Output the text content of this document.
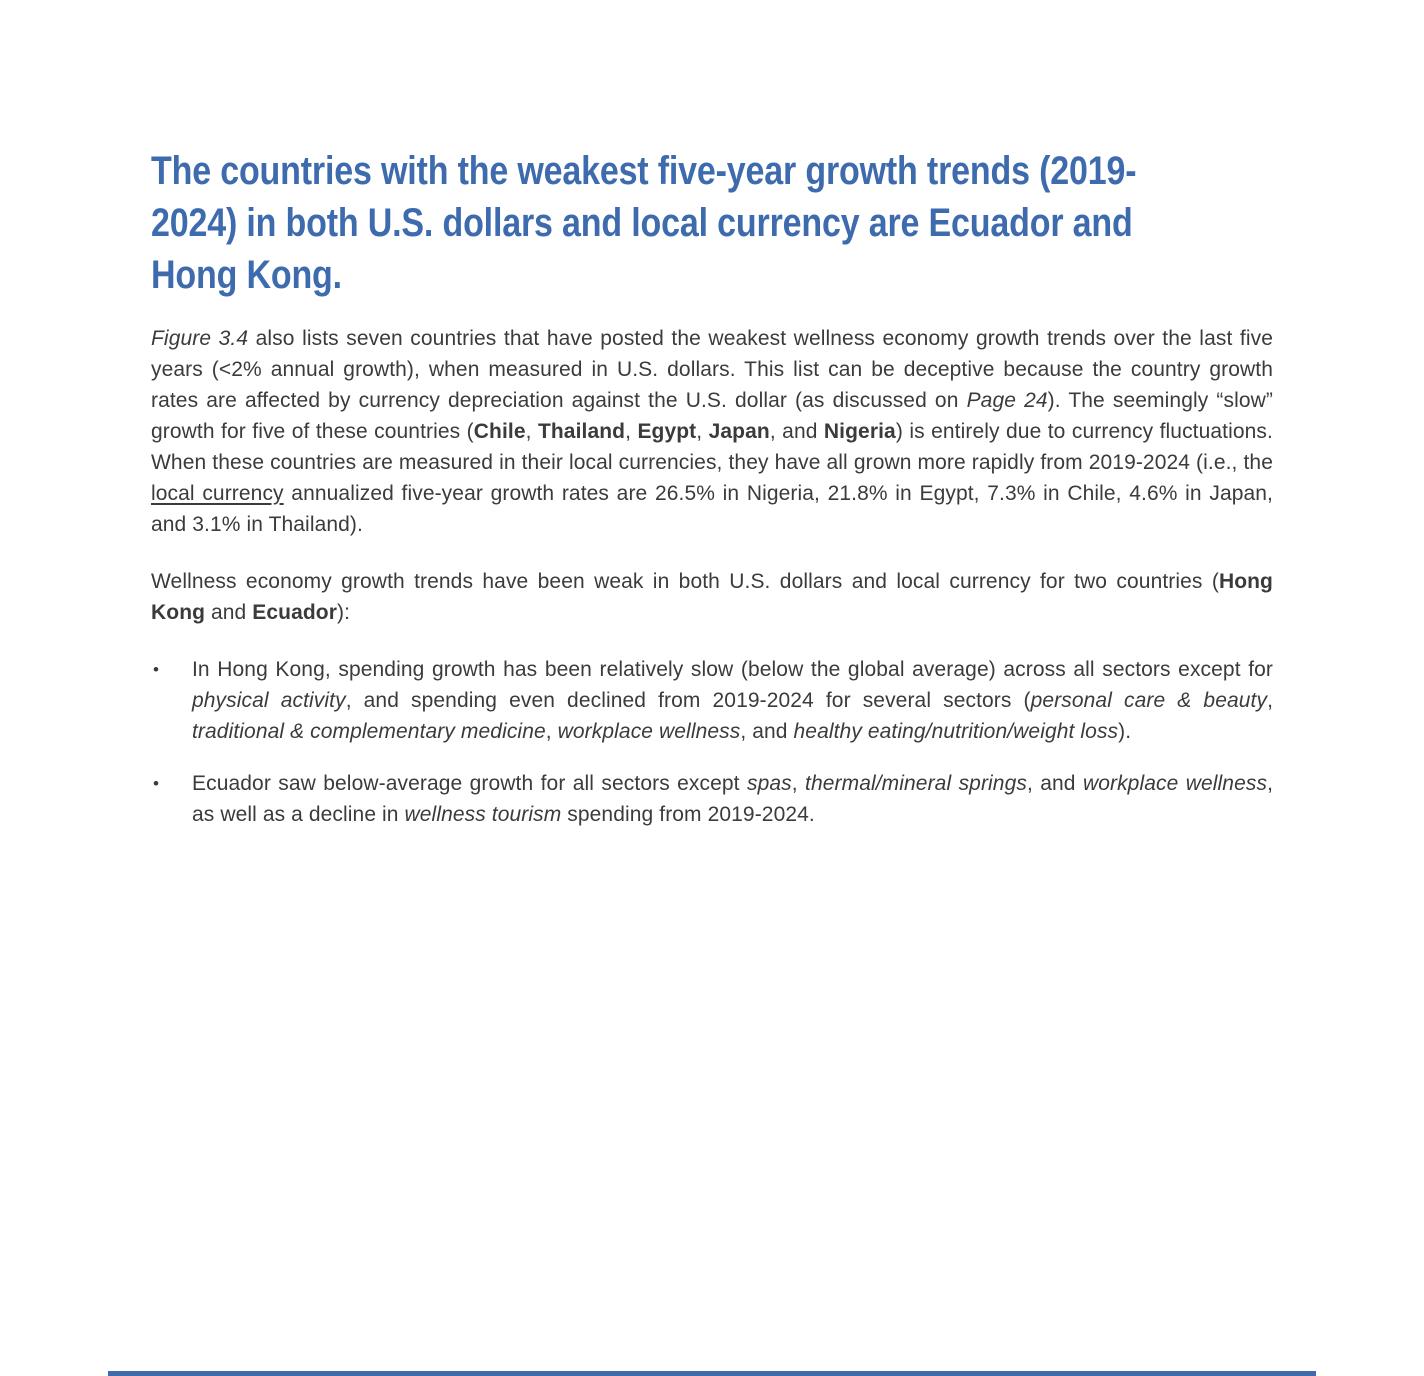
The countries with the weakest five-year growth trends (2019-
2024) in both U.S. dollars and local currency are Ecuador and
Hong Kong.

Figure 3.4 also lists seven countries that have posted the weakest wellness economy growth trends over the last five years (<2% annual growth), when measured in U.S. dollars. This list can be deceptive because the country growth rates are affected by currency depreciation against the U.S. dollar (as discussed on Page 24). The seemingly “slow” growth for five of these countries (Chile, Thailand, Egypt, Japan, and Nigeria) is entirely due to currency fluctuations. When these countries are measured in their local currencies, they have all grown more rapidly from 2019-2024 (i.e., the local currency annualized five-year growth rates are 26.5% in Nigeria, 21.8% in Egypt, 7.3% in Chile, 4.6% in Japan, and 3.1% in Thailand).

Wellness economy growth trends have been weak in both U.S. dollars and local currency for two countries (Hong Kong and Ecuador):

• In Hong Kong, spending growth has been relatively slow (below the global average) across all sectors except for physical activity, and spending even declined from 2019-2024 for several sectors (personal care & beauty, traditional & complementary medicine, workplace wellness, and healthy eating/nutrition/weight loss).

• Ecuador saw below-average growth for all sectors except spas, thermal/mineral springs, and workplace wellness, as well as a decline in wellness tourism spending from 2019-2024.
